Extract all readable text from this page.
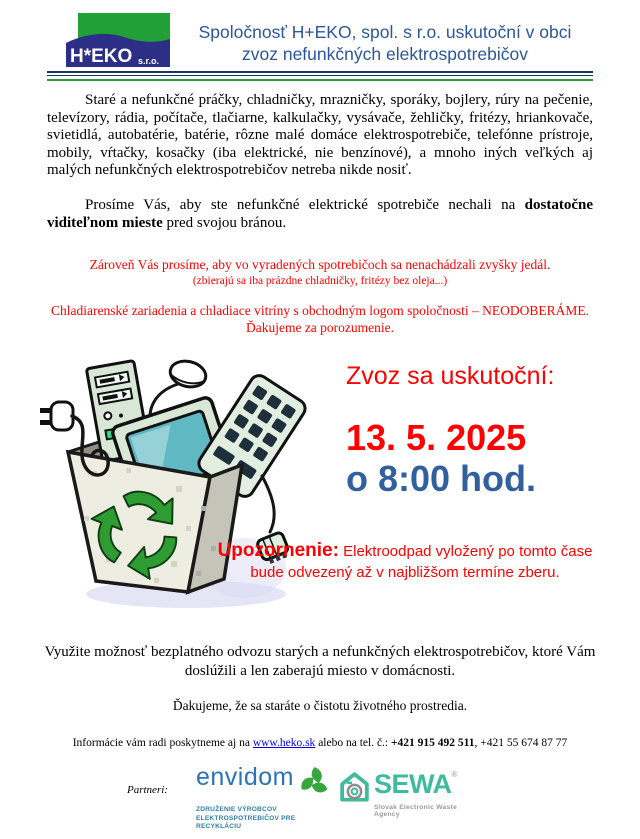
H*EKO s.r.o.
Spoločnosť H+EKO, spol. s r.o. uskutoční v obci
zvoz nefunkčných elektrospotrebičov

Staré a nefunkčné práčky, chladničky, mrazničky, sporáky, bojlery, rúry na pečenie, televízory, rádia, počítače, tlačiarne, kalkulačky, vysávače, žehličky, fritézy, hriankovače, svietidlá, autobatérie, batérie, rôzne malé domáce elektrospotrebiče, telefónne prístroje, mobily, vŕtačky, kosačky (iba elektrické, nie benzínové), a mnoho iných veľkých aj malých nefunkčných elektrospotrebičov netreba nikde nosiť.

Prosíme Vás, aby ste nefunkčné elektrické spotrebiče nechali na dostatočne viditeľnom mieste pred svojou bránou.

Zároveň Vás prosíme, aby vo vyradených spotrebičoch sa nenachádzali zvyšky jedál.
(zbierajú sa iba prázdne chladničky, fritézy bez oleja...)
Chladiarenské zariadenia a chladiace vitríny s obchodným logom spoločnosti – NEODOBERÁME.
Ďakujeme za porozumenie.
Zvoz sa uskutoční:
13. 5. 2025
o 8:00 hod.
Upozornenie: Elektroodpad vyložený po tomto čase
bude odvezený až v najbližšom termíne zberu.
Využite možnosť bezplatného odvozu starých a nefunkčných elektrospotrebičov, ktoré Vám doslúžili a len zaberajú miesto v domácnosti.
Ďakujeme, že sa staráte o čistotu životného prostredia.
Informácie vám radi poskytneme aj na www.heko.sk alebo na tel. č.: +421 915 492 511, +421 55 674 87 77
Partneri: envidom
ZDRUŽENIE VÝROBCOV
ELEKTROSPOTREBIČOV PRE RECYKLÁCIU
SEWA ®
Slovak Electronic Waste Agency
